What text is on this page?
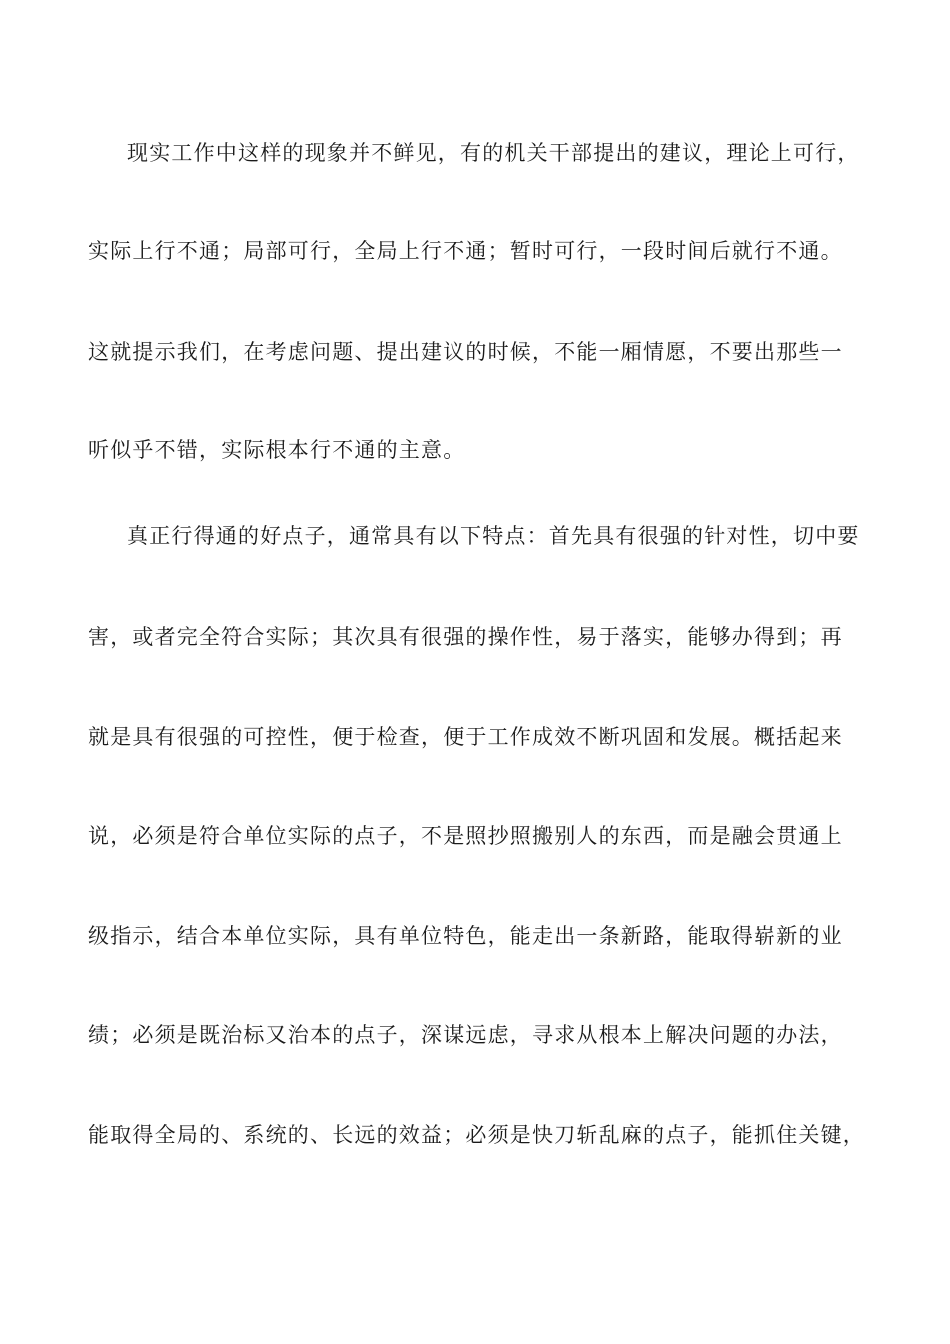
现实工作中这样的现象并不鲜见，有的机关干部提出的建议，理论上可行，
实际上行不通；局部可行，全局上行不通；暂时可行，一段时间后就行不通。
这就提示我们，在考虑问题、提出建议的时候，不能一厢情愿，不要出那些一
听似乎不错，实际根本行不通的主意。
真正行得通的好点子，通常具有以下特点：首先具有很强的针对性，切中要
害，或者完全符合实际；其次具有很强的操作性，易于落实，能够办得到；再
就是具有很强的可控性，便于检查，便于工作成效不断巩固和发展。概括起来
说，必须是符合单位实际的点子，不是照抄照搬别人的东西，而是融会贯通上
级指示，结合本单位实际，具有单位特色，能走出一条新路，能取得崭新的业
绩；必须是既治标又治本的点子，深谋远虑，寻求从根本上解决问题的办法，
能取得全局的、系统的、长远的效益；必须是快刀斩乱麻的点子，能抓住关键，
